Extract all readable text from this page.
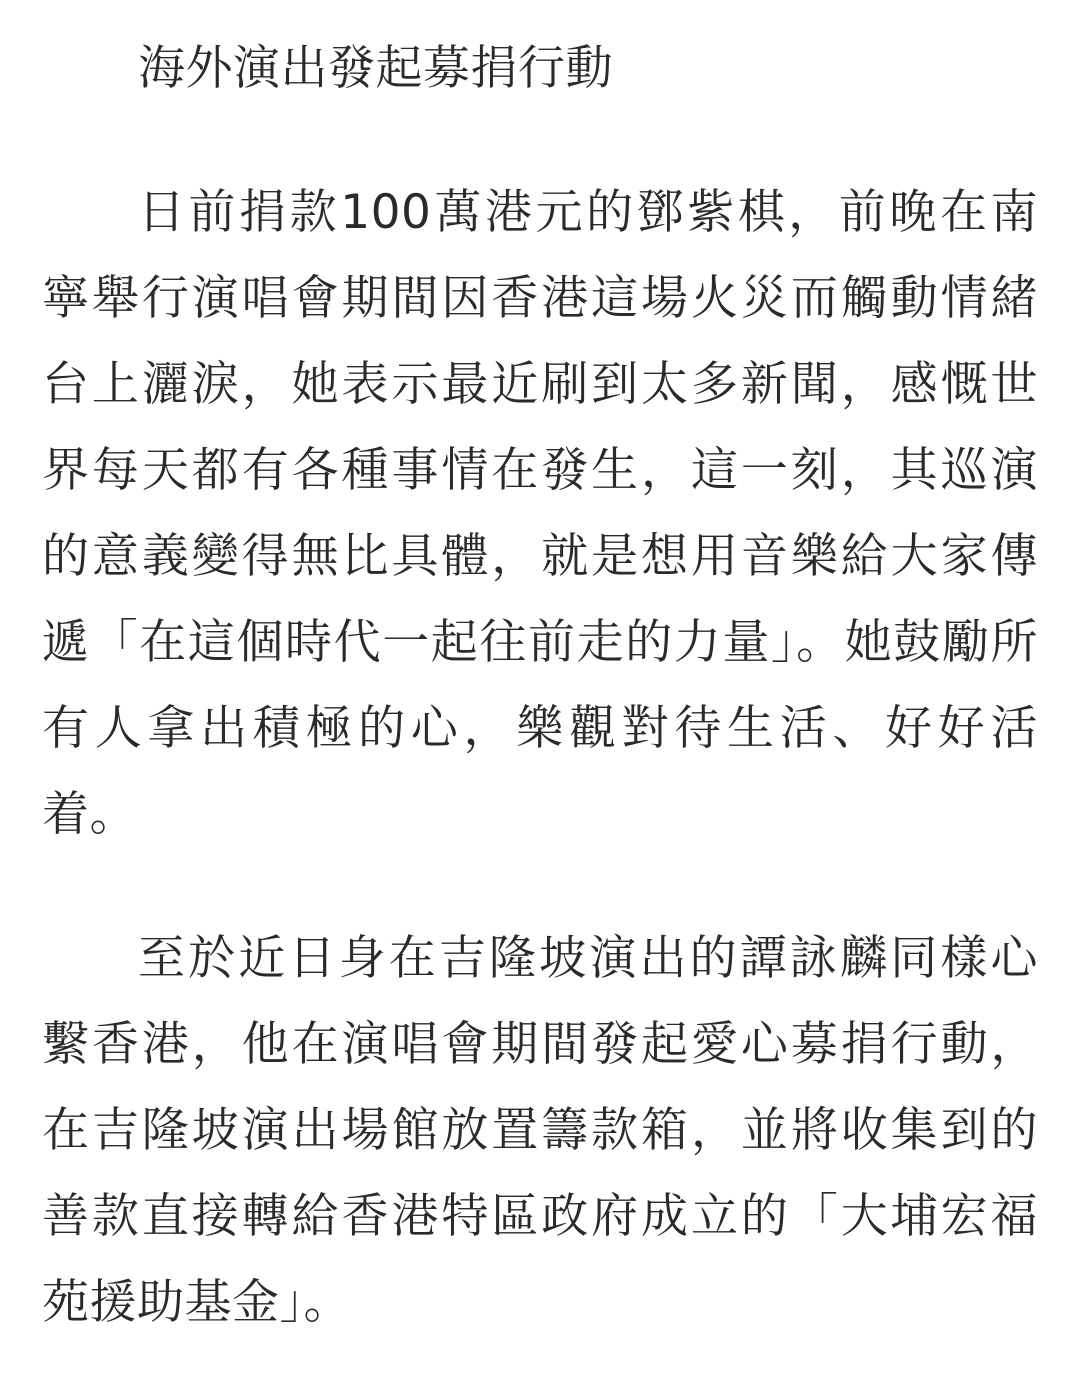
海外演出發起募捐行動
日前捐款100萬港元的鄧紫棋，前晚在南
寧舉行演唱會期間因香港這場火災而觸動情緒
台上灑淚，她表示最近刷到太多新聞，感慨世
界每天都有各種事情在發生，這一刻，其巡演
的意義變得無比具體，就是想用音樂給大家傳
遞「在這個時代一起往前走的力量」。她鼓勵所
有人拿出積極的心，樂觀對待生活、好好活
着。
至於近日身在吉隆坡演出的譚詠麟同樣心
繫香港，他在演唱會期間發起愛心募捐行動，
在吉隆坡演出場館放置籌款箱，並將收集到的
善款直接轉給香港特區政府成立的「大埔宏福
苑援助基金」。
